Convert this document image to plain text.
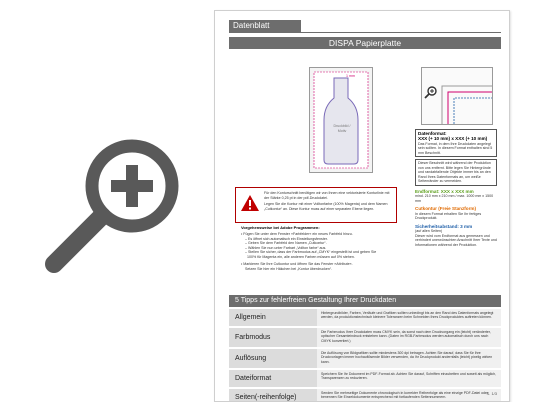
Datenblatt
DISPA Papierplatte
1 mm
Druckbild / Motiv
Datenformat:
XXX (+ 10 mm) x XXX (+ 10 mm)
Das Format, in dem Ihre Druckdaten angelegt sein sollten. In diesem Format enthalten sind 5 mm Beschnitt.
Dieser Beschnitt wird während der Produktion von uns entfernt. Bitte legen Sie Hintergründe und randabfallende Objekte immer bis an den Rand Ihres Datenformats an, um weiße Seitenränder zu vermeiden.
Endformat: XXX x XXX mm
mind. 210 mm x 210 mm / max. 1000 mm x 1500 mm
Cutkontur (Freie Stanzform)
In diesem Format erhalten Sie Ihr fertiges Druckprodukt.
Sicherheitsabstand: 3 mm
(auf allen Seiten)
Dieser wird vom Endformat aus gemessen und verhindert unerwünschten Anschnitt Ihrer Texte und Informationen während der Produktion.
Für den Konturschnitt benötigen wir von Ihnen eine vektorisierte Konturlinie mit der Stärke 0,25 pt in der pdf-Druckdatei.
Legen Sie die Kontur mit einer Volltonfarbe (100% Magenta) und dem Namen „Cutkontur“ an. Diese Kontur muss auf einer separaten Ebene liegen.
Vorgehensweise bei Adobe Programmen:
• Fügen Sie unter dem Fenster »Farbfelder« ein neues Farbfeld hinzu.
– Es öffnet sich automatisch ein Einstellungsfenster.
– Geben Sie dem Farbfeld den Namen „Cutkontur“.
– Wählen Sie nun unter Farbart „Vollton farbe“ aus.
– Stellen Sie sicher, dass der Farbmodus auf „CMYK“ eingestellt ist und geben Sie
100% für Magenta ein, alle anderen Farben müssen auf 0% stehen.
• Markieren Sie Ihre Cutkontur und öffnen Sie das Fenster »Attribute«.
Setzen Sie hier ein Häkchen bei „Kontur überdrucken“.
5 Tipps zur fehlerfreien Gestaltung Ihrer Druckdaten
Allgemein
Hintergrundbilder, Farben, Verläufe und Grafiken sollten unbedingt bis an den Rand des Datenformats angelegt werden, da produktionstechnisch kleinere Toleranzen beim Schneiden Ihres Druckproduktes auftreten können.
Farbmodus
Die Farbmodus Ihrer Druckdaten muss CMYK sein, da sonst nach dem Druckvorgang ein (leicht) veränderter, optischer Gesamteindruck entstehen kann. (Daten im RGB-Farbmodus werden automatisch durch uns nach CMYK konvertiert.)
Auflösung
Die Auflösung von Bildgrafiken sollte mindestens 300 dpi betragen. Achten Sie darauf, dass Sie für Ihre Druckvorlagen immer hochauflösende Bilder verwenden, da Ihr Druckprodukt andernfalls (leicht) pixelig wirken kann.
Dateiformat
Speichern Sie Ihr Dokument im PDF-Format ab. Achten Sie darauf, Schriften einzubetten und soweit als möglich, Transparenzen zu reduzieren.
Seiten(-reihenfolge)
Senden Sie mehrseitige Dokumente chronologisch in korrekter Reihenfolge als eine einzige PDF-Datei oder benennen Sie Einzeldokumente entsprechend mit fortlaufenden Seitennummern.
S. 1/3
